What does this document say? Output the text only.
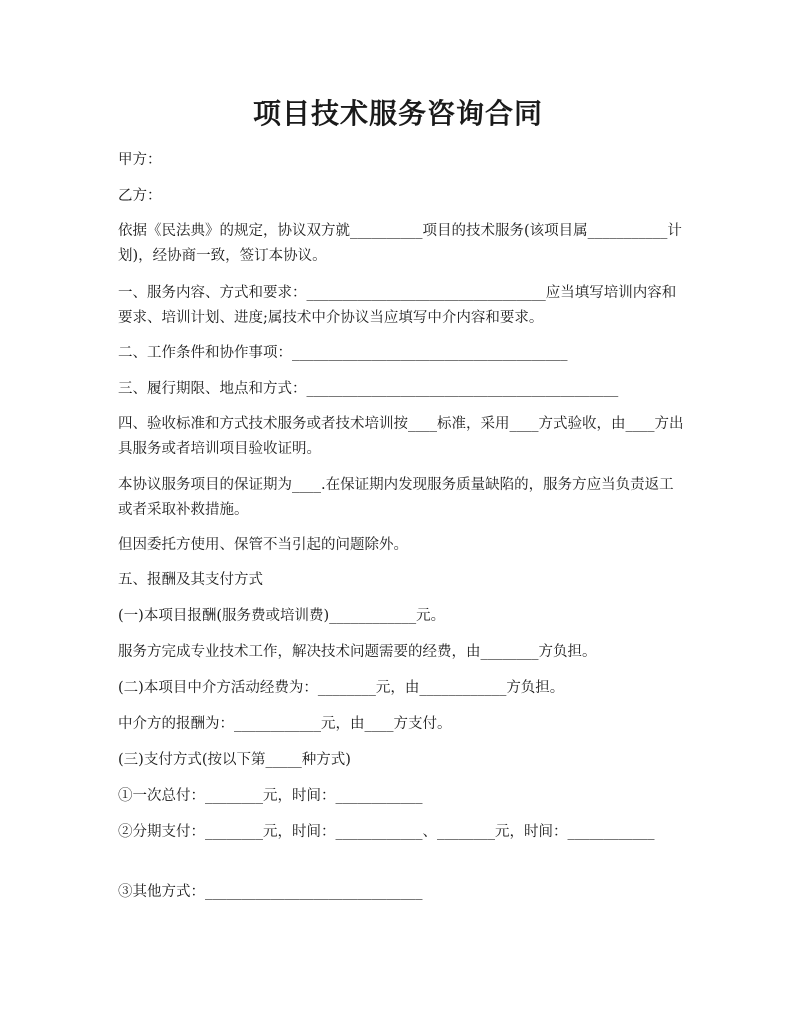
项目技术服务咨询合同

甲方：

乙方：

依据《民法典》的规定，协议双方就__________项目的技术服务(该项目属___________计划)，经协商一致，签订本协议。

一、服务内容、方式和要求：_________________________________应当填写培训内容和要求、培训计划、进度;属技术中介协议当应填写中介内容和要求。

二、工作条件和协作事项：______________________________________

三、履行期限、地点和方式：___________________________________________

四、验收标准和方式技术服务或者技术培训按____标准，采用____方式验收，由____方出具服务或者培训项目验收证明。

本协议服务项目的保证期为____.在保证期内发现服务质量缺陷的，服务方应当负责返工或者采取补救措施。

但因委托方使用、保管不当引起的问题除外。

五、报酬及其支付方式

(一)本项目报酬(服务费或培训费)____________元。

服务方完成专业技术工作，解决技术问题需要的经费，由________方负担。

(二)本项目中介方活动经费为：________元，由____________方负担。

中介方的报酬为：____________元，由____方支付。

(三)支付方式(按以下第_____种方式)

①一次总付：________元，时间：____________

②分期支付：________元，时间：____________、________元，时间：____________

③其他方式：______________________________
